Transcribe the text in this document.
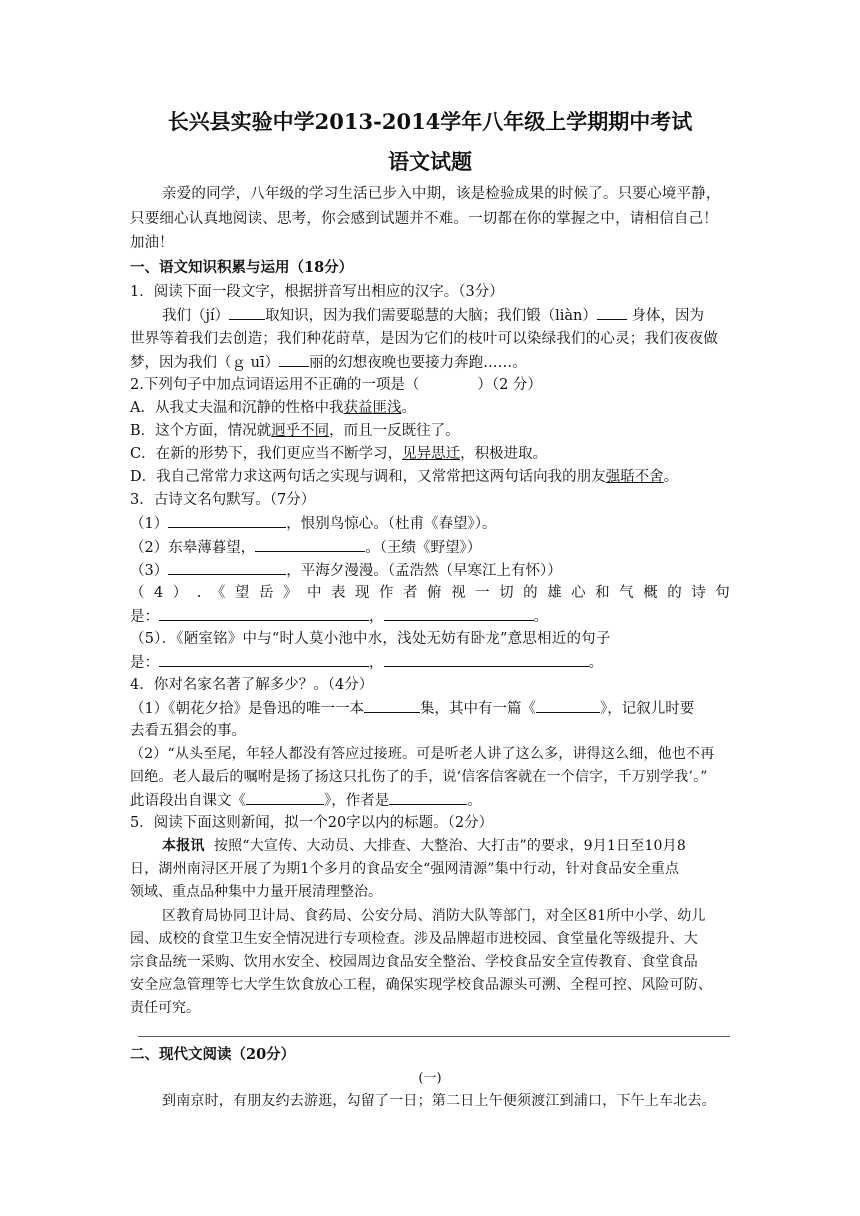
长兴县实验中学2013-2014学年八年级上学期期中考试
语文试题
亲爱的同学，八年级的学习生活已步入中期，该是检验成果的时候了。只要心境平静，
只要细心认真地阅读、思考，你会感到试题并不难。一切都在你的掌握之中，请相信自己！
加油！
一、语文知识积累与运用（18分）
1．阅读下面一段文字，根据拼音写出相应的汉字。（3分）
我们（jí） 取知识，因为我们需要聪慧的大脑；我们锻（liàn） 身体，因为
世界等着我们去创造；我们种花莳草，是因为它们的枝叶可以染绿我们的心灵；我们夜夜做
梦，因为我们（ｇ uī） 丽的幻想夜晚也要接力奔跑……。
2.下列句子中加点词语运用不正确的一项是（　　　　）（2 分）
A．从我丈夫温和沉静的性格中我获益匪浅。
B．这个方面，情况就迥乎不同，而且一反既往了。
C．在新的形势下，我们更应当不断学习，见异思迁，积极进取。
D．我自己常常力求这两句话之实现与调和，又常常把这两句话向我的朋友强聒不舍。
3．古诗文名句默写。（7分）
（1）	，恨别鸟惊心。（杜甫《春望》）。
（2）东皋薄暮望，	。（王绩《野望》）
（3）	，平海夕漫漫。（孟浩然（早寒江上有怀））
（ 4 ） . 《 望 岳 》 中 表 现 作 者 俯 视 一 切 的 雄 心 和 气 概 的 诗 句
是：	，	。
（5）．《陋室铭》中与“时人莫小池中水，浅处无妨有卧龙”意思相近的句子
是：	，	。
4．你对名家名著了解多少？。（4分）
（1）《朝花夕拾》是鲁迅的唯一一本	集，其中有一篇《	》，记叙儿时要
去看五猖会的事。
（2）“从头至尾，年轻人都没有答应过接班。可是听老人讲了这么多，讲得这么细，他也不再
回绝。老人最后的嘱咐是扬了扬这只扎伤了的手，说‘信客信客就在一个信字，千万别学我’。”
此语段出自课文《	》，作者是	。
5．阅读下面这则新闻，拟一个20字以内的标题。（2分）
本报讯 按照“大宣传、大动员、大排查、大整治、大打击”的要求，9月1日至10月8
日，湖州南浔区开展了为期1个多月的食品安全“强网清源”集中行动，针对食品安全重点
领域、重点品种集中力量开展清理整治。
区教育局协同卫计局、食药局、公安分局、消防大队等部门，对全区81所中小学、幼儿
园、成校的食堂卫生安全情况进行专项检查。涉及品牌超市进校园、食堂量化等级提升、大
宗食品统一采购、饮用水安全、校园周边食品安全整治、学校食品安全宣传教育、食堂食品
安全应急管理等七大学生饮食放心工程，确保实现学校食品源头可溯、全程可控、风险可防、
责任可究。
二、现代文阅读（20分）
(一)
到南京时，有朋友约去游逛，勾留了一日；第二日上午便须渡江到浦口，下午上车北去。
